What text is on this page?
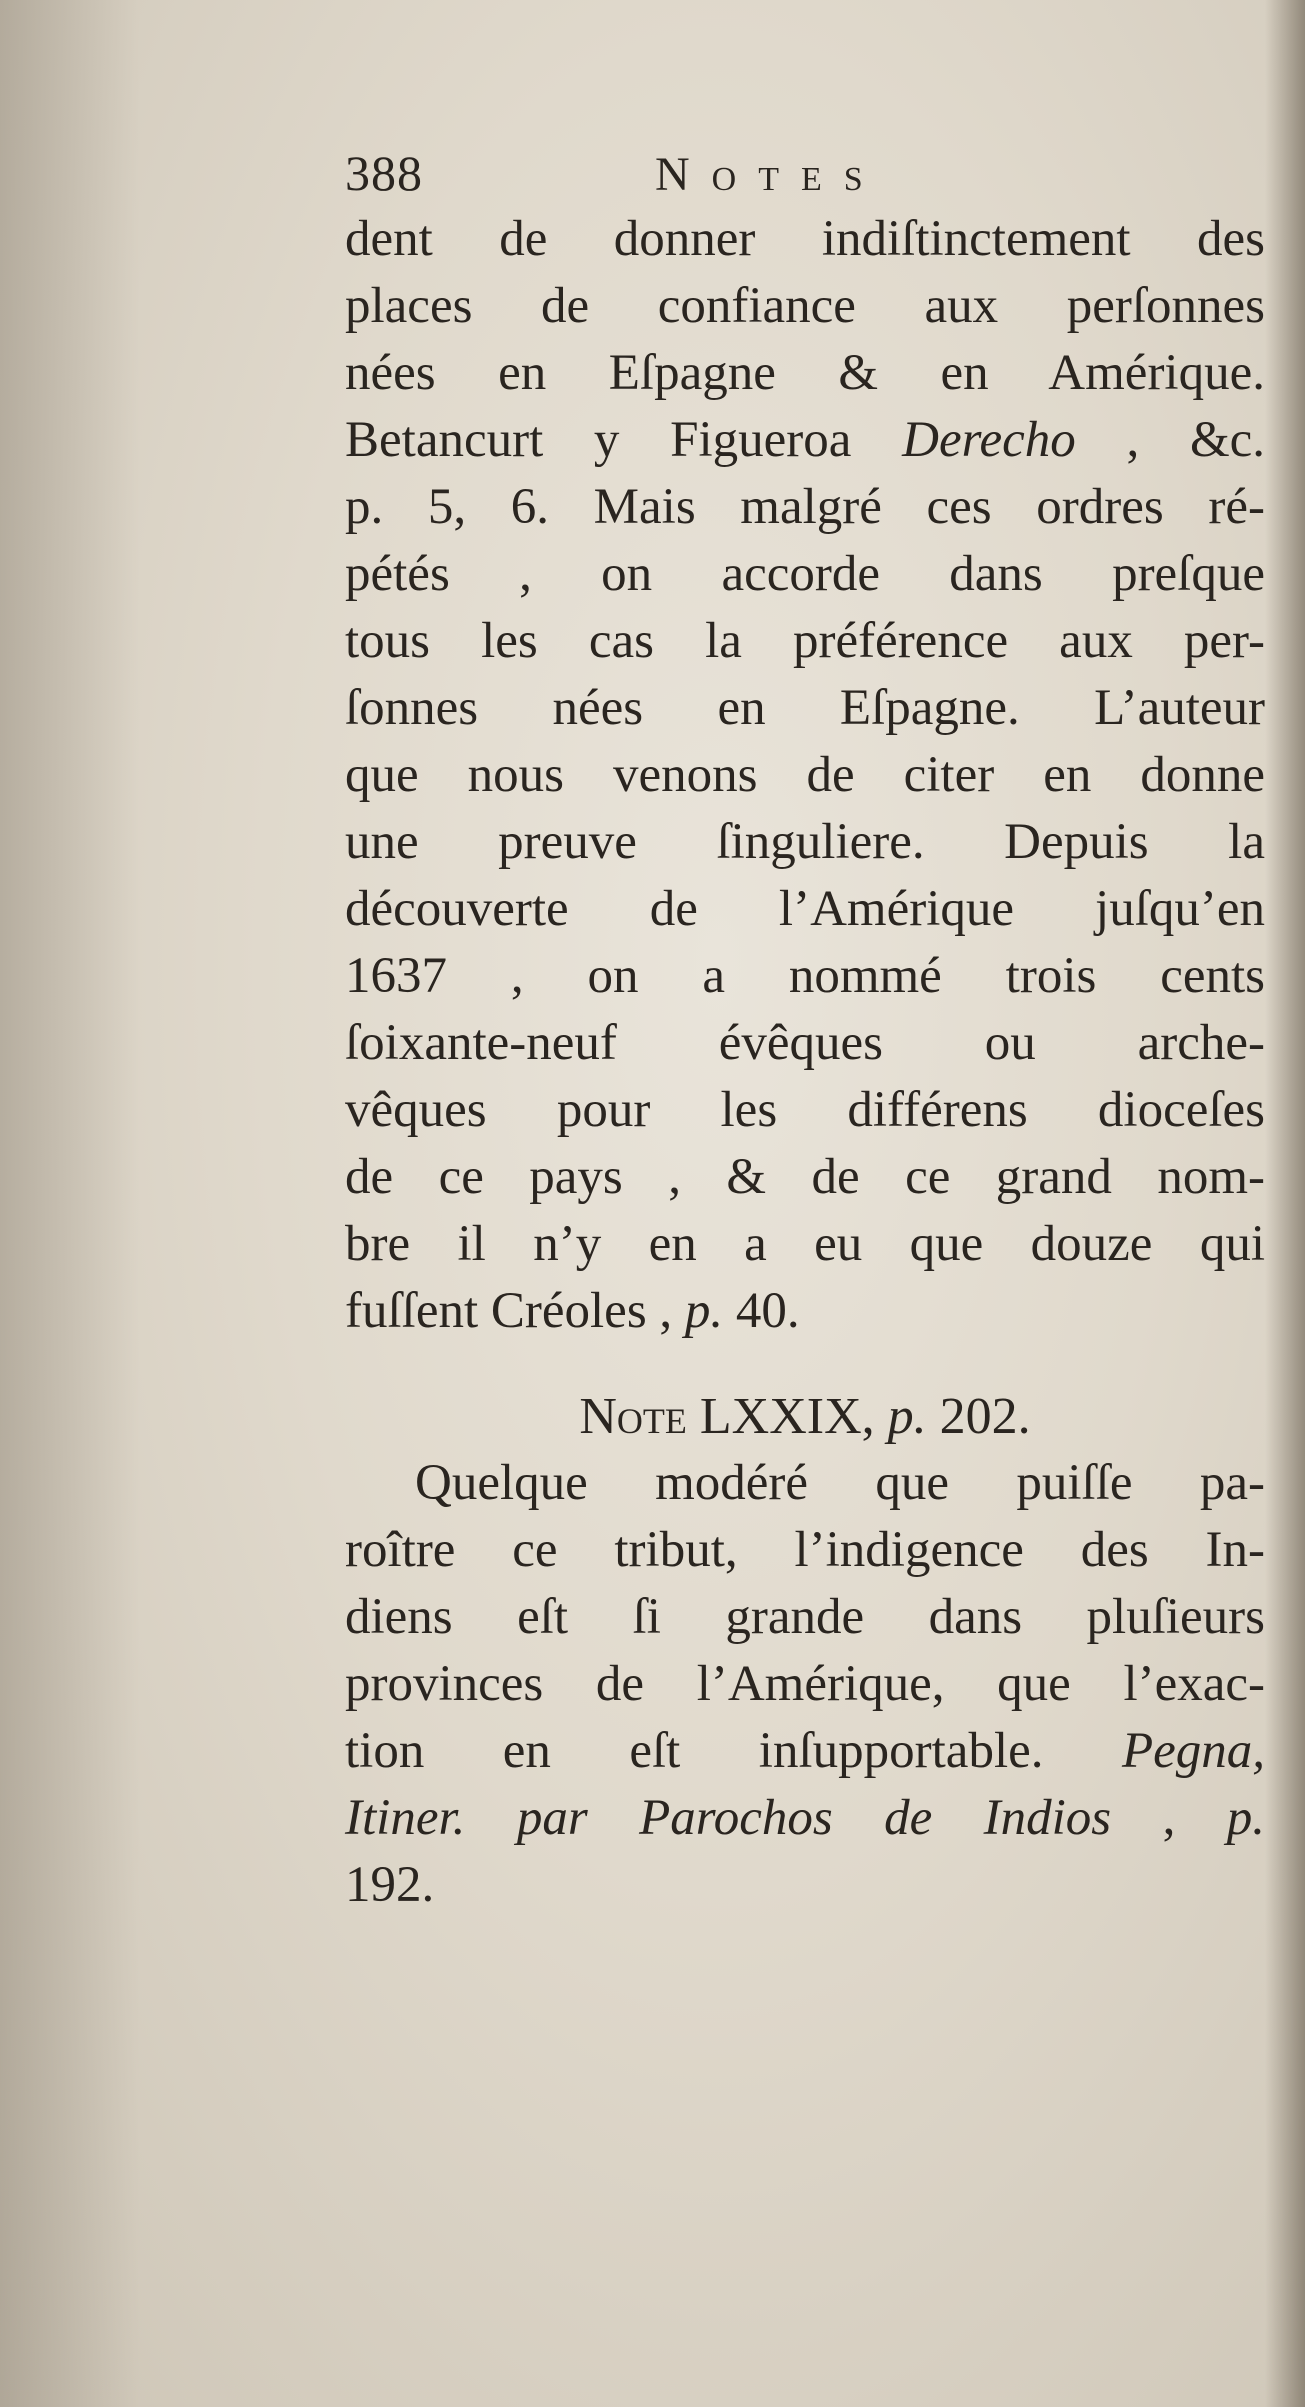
388	Notes
dent de donner indiſtinctement des
places de confiance aux perſonnes
nées en Eſpagne & en Amérique.
Betancurt y Figueroa Derecho , &c.
p. 5, 6. Mais malgré ces ordres ré-
pétés , on accorde dans preſque
tous les cas la préférence aux per-
ſonnes nées en Eſpagne. L’auteur
que nous venons de citer en donne
une preuve ſinguliere. Depuis la
découverte de l’Amérique juſqu’en
1637 , on a nommé trois cents
ſoixante-neuf évêques ou arche-
vêques pour les différens dioceſes
de ce pays , & de ce grand nom-
bre il n’y en a eu que douze qui
fuſſent Créoles , p. 40.
Note LXXIX, p. 202.
Quelque modéré que puiſſe pa-
roître ce tribut, l’indigence des In-
diens eſt ſi grande dans pluſieurs
provinces de l’Amérique, que l’exac-
tion en eſt inſupportable. Pegna,
Itiner. par Parochos de Indios , p.
192.
